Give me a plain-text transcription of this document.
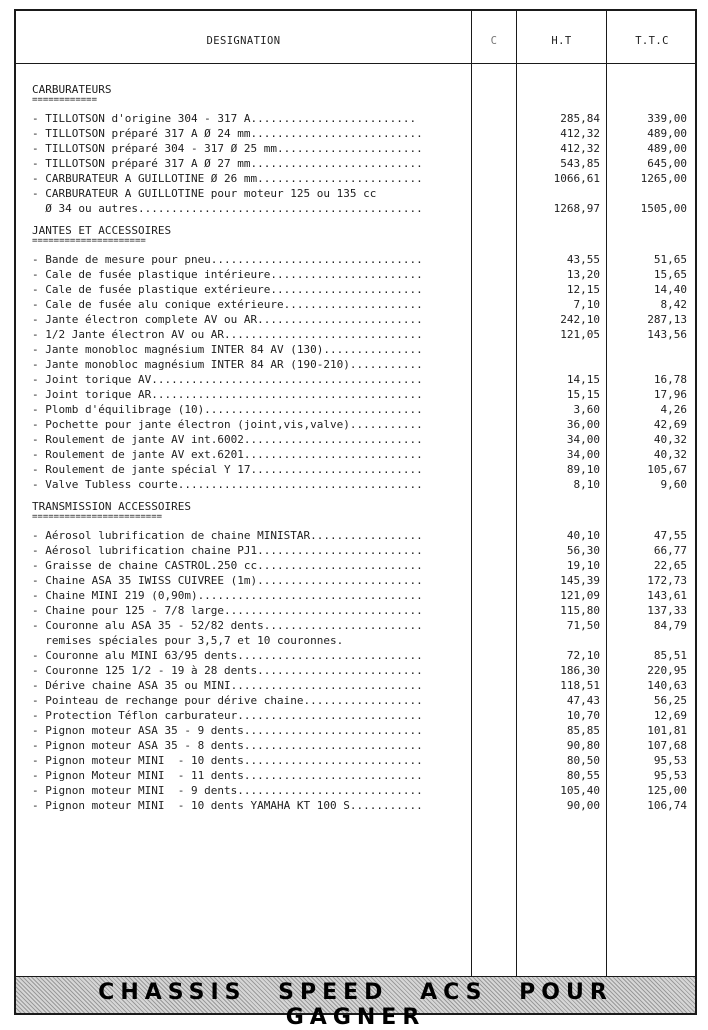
DESIGNATION	C	H.T	T.T.C
CARBURATEURS
============
- TILLOTSON d'origine 304 - 317 A.........................	285,84	339,00
- TILLOTSON préparé 317 A Ø 24 mm..........................	412,32	489,00
- TILLOTSON préparé 304 - 317 Ø 25 mm......................	412,32	489,00
- TILLOTSON préparé 317 A Ø 27 mm..........................	543,85	645,00
- CARBURATEUR A GUILLOTINE Ø 26 mm.........................	1066,61	1265,00
- CARBURATEUR A GUILLOTINE pour moteur 125 ou 135 cc
Ø 34 ou autres...........................................	1268,97	1505,00
JANTES ET ACCESSOIRES
=====================
- Bande de mesure pour pneu................................	43,55	51,65
- Cale de fusée plastique intérieure.......................	13,20	15,65
- Cale de fusée plastique extérieure.......................	12,15	14,40
- Cale de fusée alu conique extérieure.....................	7,10	8,42
- Jante électron complete AV ou AR.........................	242,10	287,13
- 1/2 Jante électron AV ou AR..............................	121,05	143,56
- Jante monobloc magnésium INTER 84 AV (130)...............
- Jante monobloc magnésium INTER 84 AR (190-210)...........
- Joint torique AV.........................................	14,15	16,78
- Joint torique AR.........................................	15,15	17,96
- Plomb d'équilibrage (10).................................	3,60	4,26
- Pochette pour jante électron (joint,vis,valve)...........	36,00	42,69
- Roulement de jante AV int.6002...........................	34,00	40,32
- Roulement de jante AV ext.6201...........................	34,00	40,32
- Roulement de jante spécial Y 17..........................	89,10	105,67
- Valve Tubless courte.....................................	8,10	9,60
TRANSMISSION ACCESSOIRES
========================
- Aérosol lubrification de chaine MINISTAR.................	40,10	47,55
- Aérosol lubrification chaine PJ1.........................	56,30	66,77
- Graisse de chaine CASTROL.250 cc.........................	19,10	22,65
- Chaine ASA 35 IWISS CUIVREE (1m).........................	145,39	172,73
- Chaine MINI 219 (0,90m)..................................	121,09	143,61
- Chaine pour 125 - 7/8 large..............................	115,80	137,33
- Couronne alu ASA 35 - 52/82 dents........................	71,50	84,79
remises spéciales pour 3,5,7 et 10 couronnes.
- Couronne alu MINI 63/95 dents............................	72,10	85,51
- Couronne 125 1/2 - 19 à 28 dents.........................	186,30	220,95
- Dérive chaine ASA 35 ou MINI.............................	118,51	140,63
- Pointeau de rechange pour dérive chaine..................	47,43	56,25
- Protection Téflon carburateur............................	10,70	12,69
- Pignon moteur ASA 35 - 9 dents...........................	85,85	101,81
- Pignon moteur ASA 35 - 8 dents...........................	90,80	107,68
- Pignon moteur MINI  - 10 dents...........................	80,50	95,53
- Pignon Moteur MINI  - 11 dents...........................	80,55	95,53
- Pignon moteur MINI  - 9 dents............................	105,40	125,00
- Pignon moteur MINI  - 10 dents YAMAHA KT 100 S...........	90,00	106,74
CHASSIS SPEED ACS POUR GAGNER
